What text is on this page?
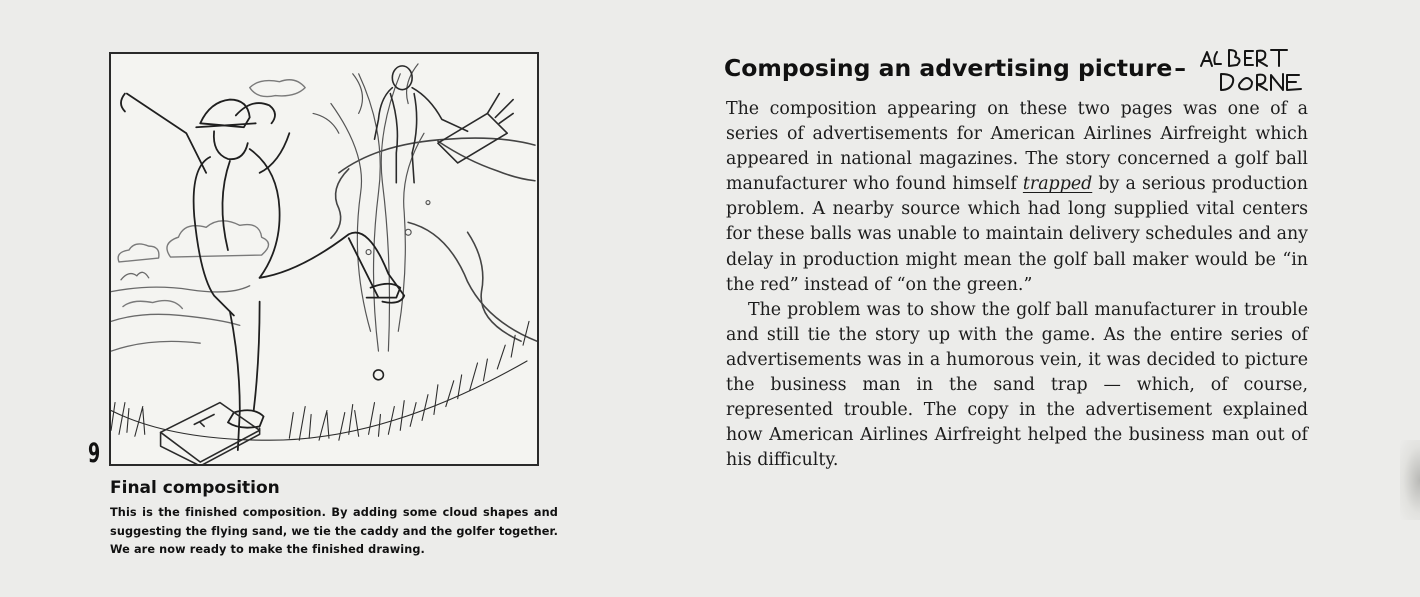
9
Final composition
This is the finished composition. By adding some cloud shapes and suggesting the flying sand, we tie the caddy and the golfer together. We are now ready to make the finished drawing.
Composing an advertising picture–

The composition appearing on these two pages was one of a series of advertisements for American Airlines Airfreight which appeared in national magazines. The story concerned a golf ball manufacturer who found himself trapped by a serious production problem. A nearby source which had long supplied vital centers for these balls was unable to maintain delivery schedules and any delay in production might mean the golf ball maker would be “in the red” instead of “on the green.”

The problem was to show the golf ball manufacturer in trouble and still tie the story up with the game. As the entire series of advertisements was in a humorous vein, it was decided to picture the business man in the sand trap — which, of course, represented trouble. The copy in the advertisement explained how American Airlines Airfreight helped the business man out of his difficulty.
